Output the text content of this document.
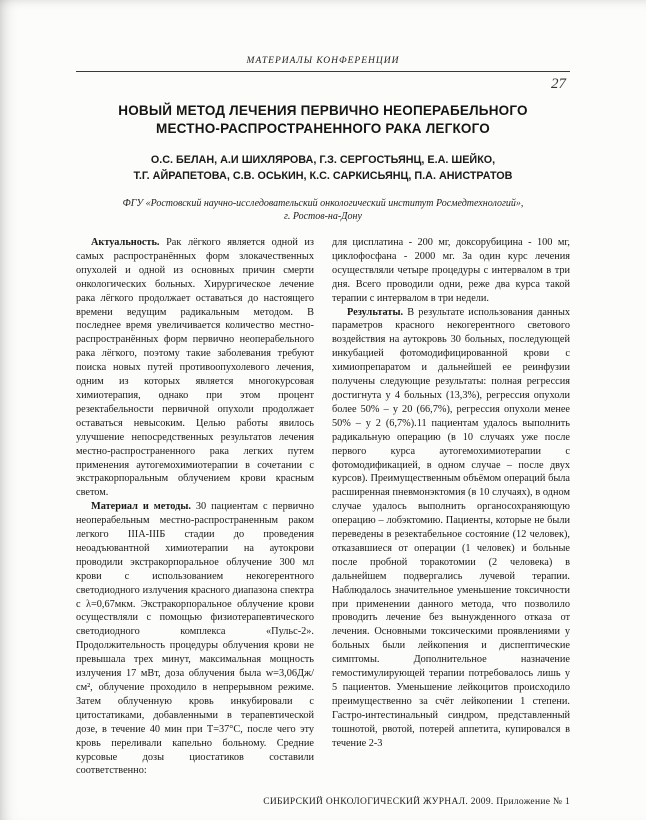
МАТЕРИАЛЫ КОНФЕРЕНЦИИ
27
НОВЫЙ МЕТОД ЛЕЧЕНИЯ ПЕРВИЧНО НЕОПЕРАБЕЛЬНОГО
МЕСТНО-РАСПРОСТРАНЕННОГО РАКА ЛЕГКОГО
О.С. БЕЛАН, А.И ШИХЛЯРОВА, Г.З. СЕРГОСТЬЯНЦ, Е.А. ШЕЙКО,
Т.Г. АЙРАПЕТОВА, С.В. ОСЬКИН, К.С. САРКИСЬЯНЦ, П.А. АНИСТРАТОВ
ФГУ «Ростовский научно-исследовательский онкологический институт Росмедтехнологий»,
г. Ростов-на-Дону

Актуальность. Рак лёгкого является одной из самых распространённых форм злокачественных опухолей и одной из основных причин смерти онкологических больных. Хирургическое лечение рака лёгкого продолжает оставаться до настоящего времени ведущим радикальным методом. В последнее время увеличивается количество местно-распространённых форм первично неоперабельного рака лёгкого, поэтому такие заболевания требуют поиска новых путей противоопухолевого лечения, одним из которых является многокурсовая химиотерапия, однако при этом процент резектабельности первичной опухоли продолжает оставаться невысоким. Целью работы явилось улучшение непосредственных результатов лечения местно-распространенного рака легких путем применения аутогемохимиотерапии в сочетании с экстракорпоральным облучением крови красным светом.

Материал и методы. 30 пациентам с первично неоперабельным местно-распространенным раком легкого IIIA-IIIБ стадии до проведения неоадъювантной химиотерапии на аутокрови проводили экстракорпоральное облучение 300 мл крови с использованием некогерентного светодиодного излучения красного диапазона спектра с λ=0,67мкм. Экстракорпоральное облучение крови осуществляли с помощью физиотерапевтического светодиодного комплекса «Пульс-2». Продолжительность процедуры облучения крови не превышала трех минут, максимальная мощность излучения 17 мВт, доза облучения была w=3,06Дж/см², облучение проходило в непрерывном режиме. Затем облученную кровь инкубировали с цитостатиками, добавленными в терапевтической дозе, в течение 40 мин при Т=37°С, после чего эту кровь переливали капельно больному. Средние курсовые дозы циостатиков составили соответственно:

для цисплатина - 200 мг, доксорубицина - 100 мг, циклофосфана - 2000 мг. За один курс лечения осуществляли четыре процедуры с интервалом в три дня. Всего проводили одни, реже два курса такой терапии с интервалом в три недели.

Результаты. В результате использования данных параметров красного некогерентного светового воздействия на аутокровь 30 больных, последующей инкубацией фотомодифицированной крови с химиопрепаратом и дальнейшей ее реинфузии получены следующие результаты: полная регрессия достигнута у 4 больных (13,3%), регрессия опухоли более 50% – у 20 (66,7%), регрессия опухоли менее 50% – у 2 (6,7%).11 пациентам удалось выполнить радикальную операцию (в 10 случаях уже после первого курса аутогемохимиотерапии с фотомодификацией, в одном случае – после двух курсов). Преимущественным объёмом операций была расширенная пневмонэктомия (в 10 случаях), в одном случае удалось выполнить органосохраняющую операцию – лобэктомию. Пациенты, которые не были переведены в резектабельное состояние (12 человек), отказавшиеся от операции (1 человек) и больные после пробной торакотомии (2 человека) в дальнейшем подвергались лучевой терапии. Наблюдалось значительное уменьшение токсичности при применении данного метода, что позволило проводить лечение без вынужденного отказа от лечения. Основными токсическими проявлениями у больных были лейкопения и диспептические симптомы. Дополнительное назначение гемостимулирующей терапии потребовалось лишь у 5 пациентов. Уменьшение лейкоцитов происходило преимущественно за счёт лейкопении 1 степени. Гастро-интестинальный синдром, представленный тошнотой, рвотой, потерей аппетита, купировался в течение 2-3

СИБИРСКИЙ ОНКОЛОГИЧЕСКИЙ ЖУРНАЛ. 2009. Приложение № 1
